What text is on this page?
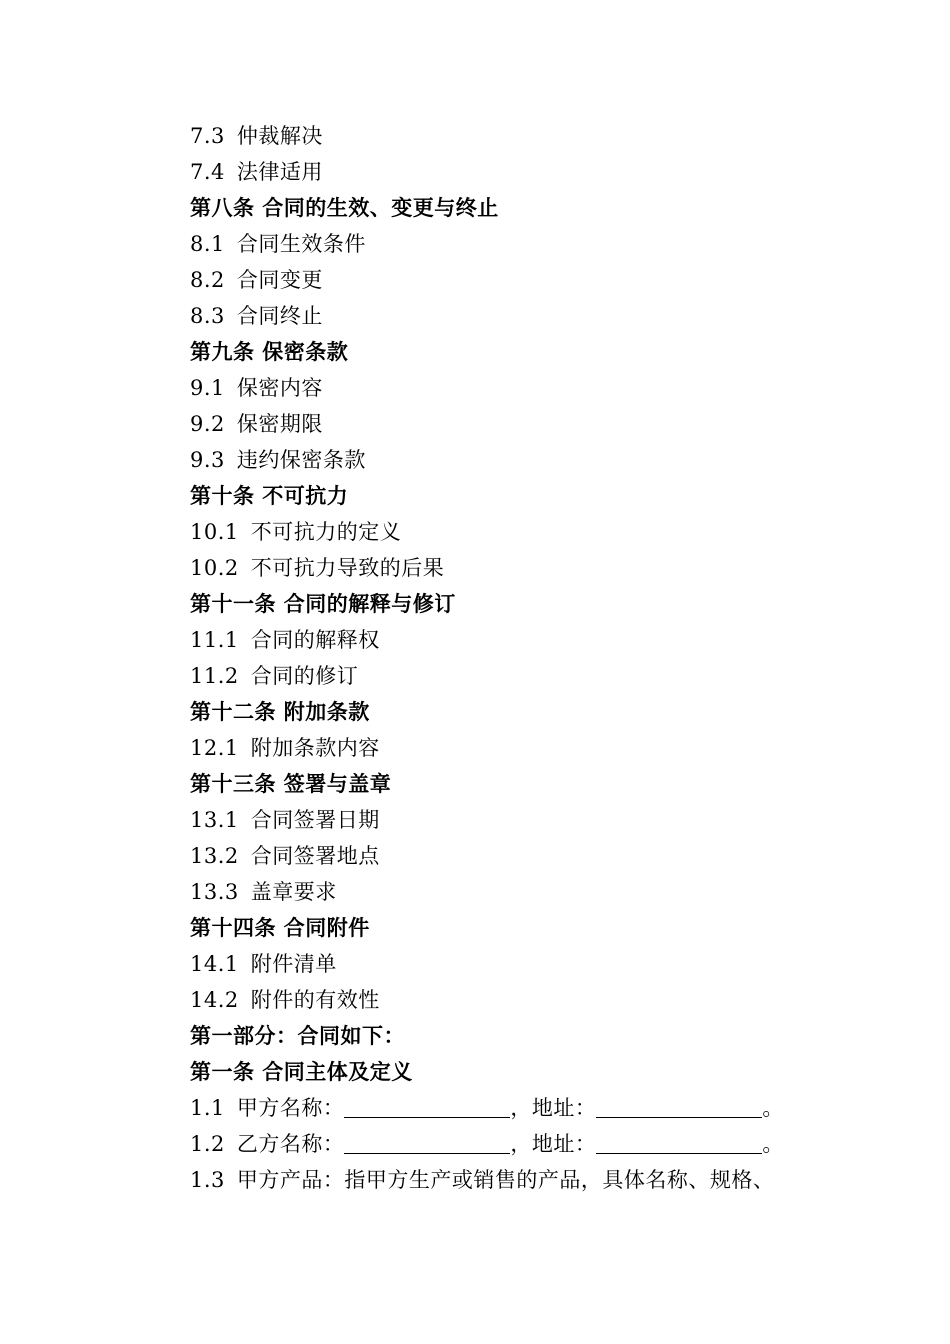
7.3 仲裁解决
7.4 法律适用
第八条 合同的生效、变更与终止
8.1 合同生效条件
8.2 合同变更
8.3 合同终止
第九条 保密条款
9.1 保密内容
9.2 保密期限
9.3 违约保密条款
第十条 不可抗力
10.1 不可抗力的定义
10.2 不可抗力导致的后果
第十一条 合同的解释与修订
11.1 合同的解释权
11.2 合同的修订
第十二条 附加条款
12.1 附加条款内容
第十三条 签署与盖章
13.1 合同签署日期
13.2 合同签署地点
13.3 盖章要求
第十四条 合同附件
14.1 附件清单
14.2 附件的有效性
第一部分：合同如下：
第一条 合同主体及定义
1.1 甲方名称：	，地址：	。
1.2 乙方名称：	，地址：	。
1.3 甲方产品：指甲方生产或销售的产品，具体名称、规格、
